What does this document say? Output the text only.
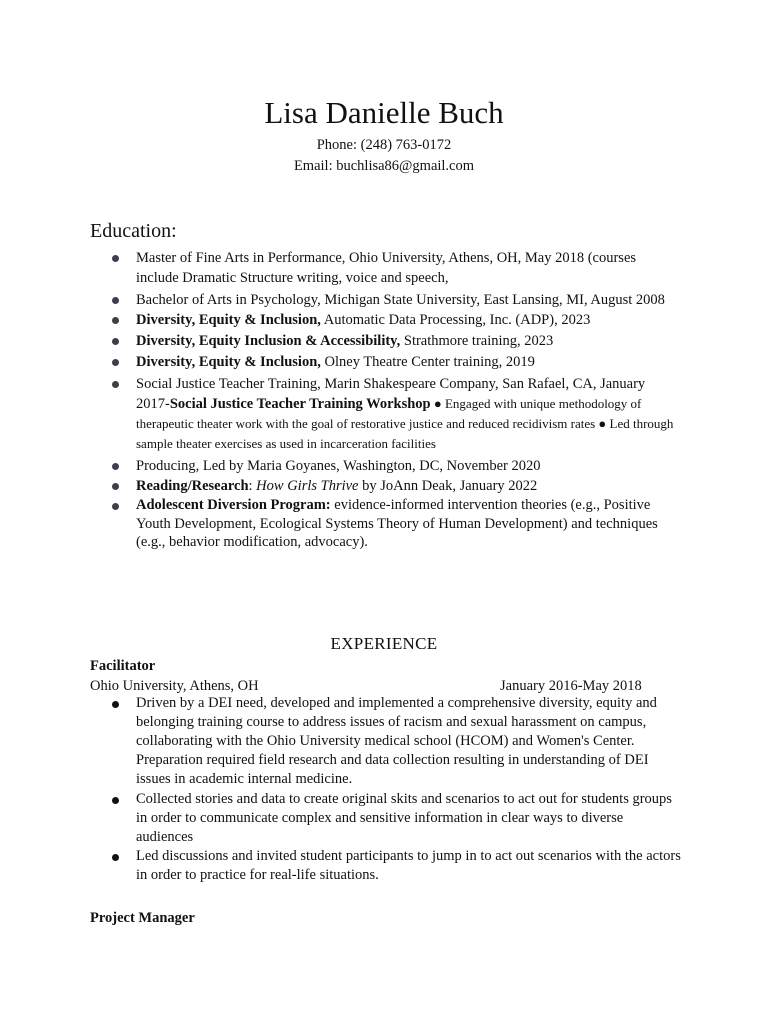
Lisa Danielle Buch
Phone: (248) 763-0172
Email: buchlisa86@gmail.com
Education:
Master of Fine Arts in Performance, Ohio University, Athens, OH, May 2018 (courses include Dramatic Structure writing, voice and speech,
Bachelor of Arts in Psychology, Michigan State University, East Lansing, MI, August 2008
Diversity, Equity & Inclusion, Automatic Data Processing, Inc. (ADP), 2023
Diversity, Equity Inclusion & Accessibility, Strathmore training, 2023
Diversity, Equity & Inclusion, Olney Theatre Center training, 2019
Social Justice Teacher Training, Marin Shakespeare Company, San Rafael, CA, January 2017-Social Justice Teacher Training Workshop ● Engaged with unique methodology of therapeutic theater work with the goal of restorative justice and reduced recidivism rates ● Led through sample theater exercises as used in incarceration facilities
Producing, Led by Maria Goyanes, Washington, DC, November 2020
Reading/Research: How Girls Thrive by JoAnn Deak, January 2022
Adolescent Diversion Program: evidence-informed intervention theories (e.g., Positive Youth Development, Ecological Systems Theory of Human Development) and techniques (e.g., behavior modification, advocacy).
EXPERIENCE
Facilitator
Ohio University, Athens, OH	January 2016-May 2018
Driven by a DEI need, developed and implemented a comprehensive diversity, equity and belonging training course to address issues of racism and sexual harassment on campus, collaborating with the Ohio University medical school (HCOM) and Women's Center. Preparation required field research and data collection resulting in understanding of DEI issues in academic internal medicine.
Collected stories and data to create original skits and scenarios to act out for students groups in order to communicate complex and sensitive information in clear ways to diverse audiences
Led discussions and invited student participants to jump in to act out scenarios with the actors in order to practice for real-life situations.
Project Manager
